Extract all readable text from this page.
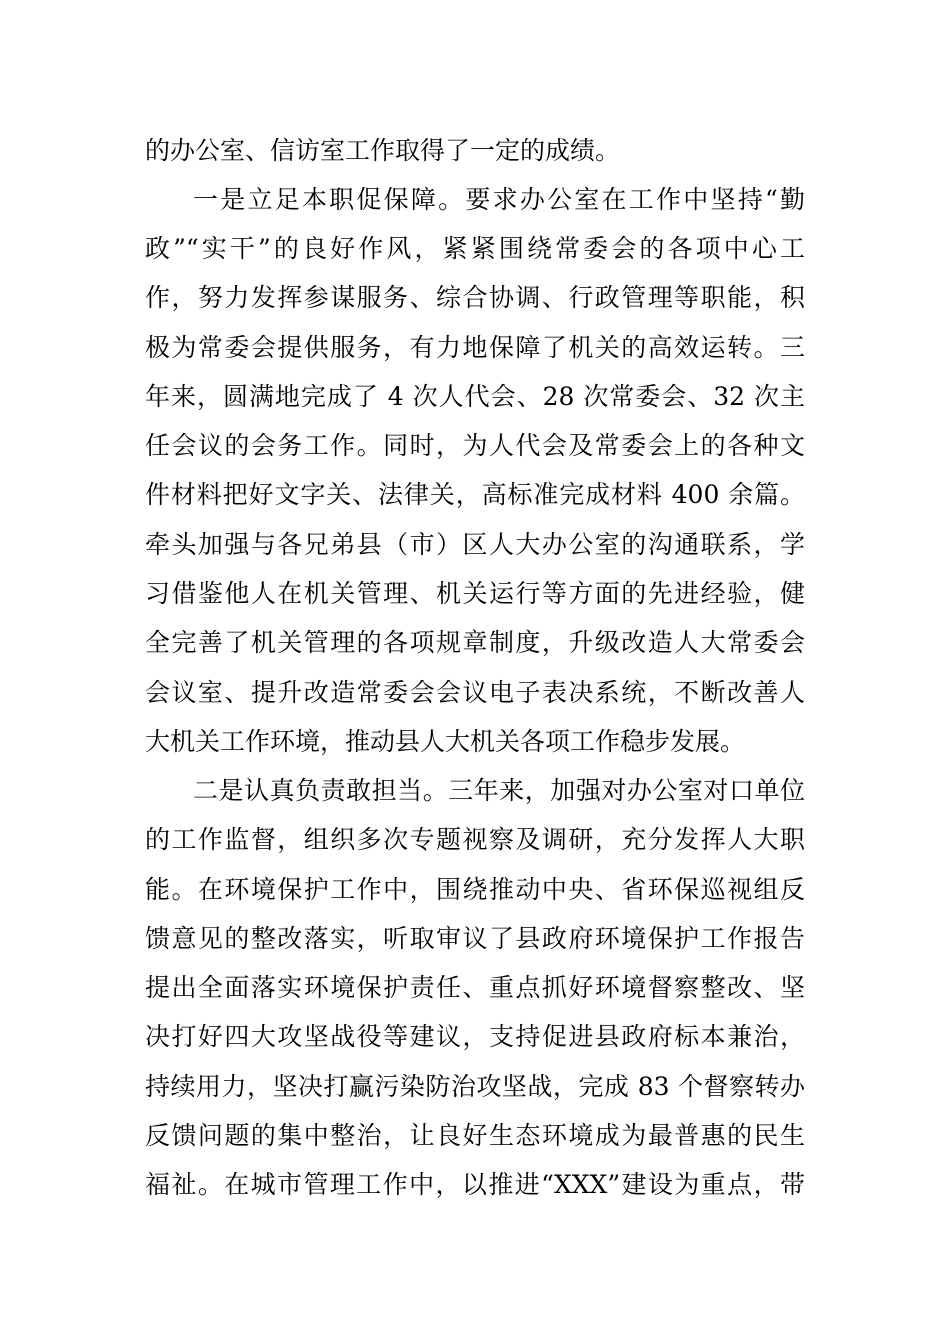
的办公室、信访室工作取得了一定的成绩。
一是立足本职促保障。要求办公室在工作中坚持“勤
政”“实干”的良好作风，紧紧围绕常委会的各项中心工
作，努力发挥参谋服务、综合协调、行政管理等职能，积
极为常委会提供服务，有力地保障了机关的高效运转。三
年来，圆满地完成了 4 次人代会、28 次常委会、32 次主
任会议的会务工作。同时，为人代会及常委会上的各种文
件材料把好文字关、法律关，高标准完成材料 400 余篇。
牵头加强与各兄弟县（市）区人大办公室的沟通联系，学
习借鉴他人在机关管理、机关运行等方面的先进经验，健
全完善了机关管理的各项规章制度，升级改造人大常委会
会议室、提升改造常委会会议电子表决系统，不断改善人
大机关工作环境，推动县人大机关各项工作稳步发展。
二是认真负责敢担当。三年来，加强对办公室对口单位
的工作监督，组织多次专题视察及调研，充分发挥人大职
能。在环境保护工作中，围绕推动中央、省环保巡视组反
馈意见的整改落实，听取审议了县政府环境保护工作报告
提出全面落实环境保护责任、重点抓好环境督察整改、坚
决打好四大攻坚战役等建议，支持促进县政府标本兼治，
持续用力，坚决打赢污染防治攻坚战，完成 83 个督察转办
反馈问题的集中整治，让良好生态环境成为最普惠的民生
福祉。在城市管理工作中，以推进“XXX”建设为重点，带
